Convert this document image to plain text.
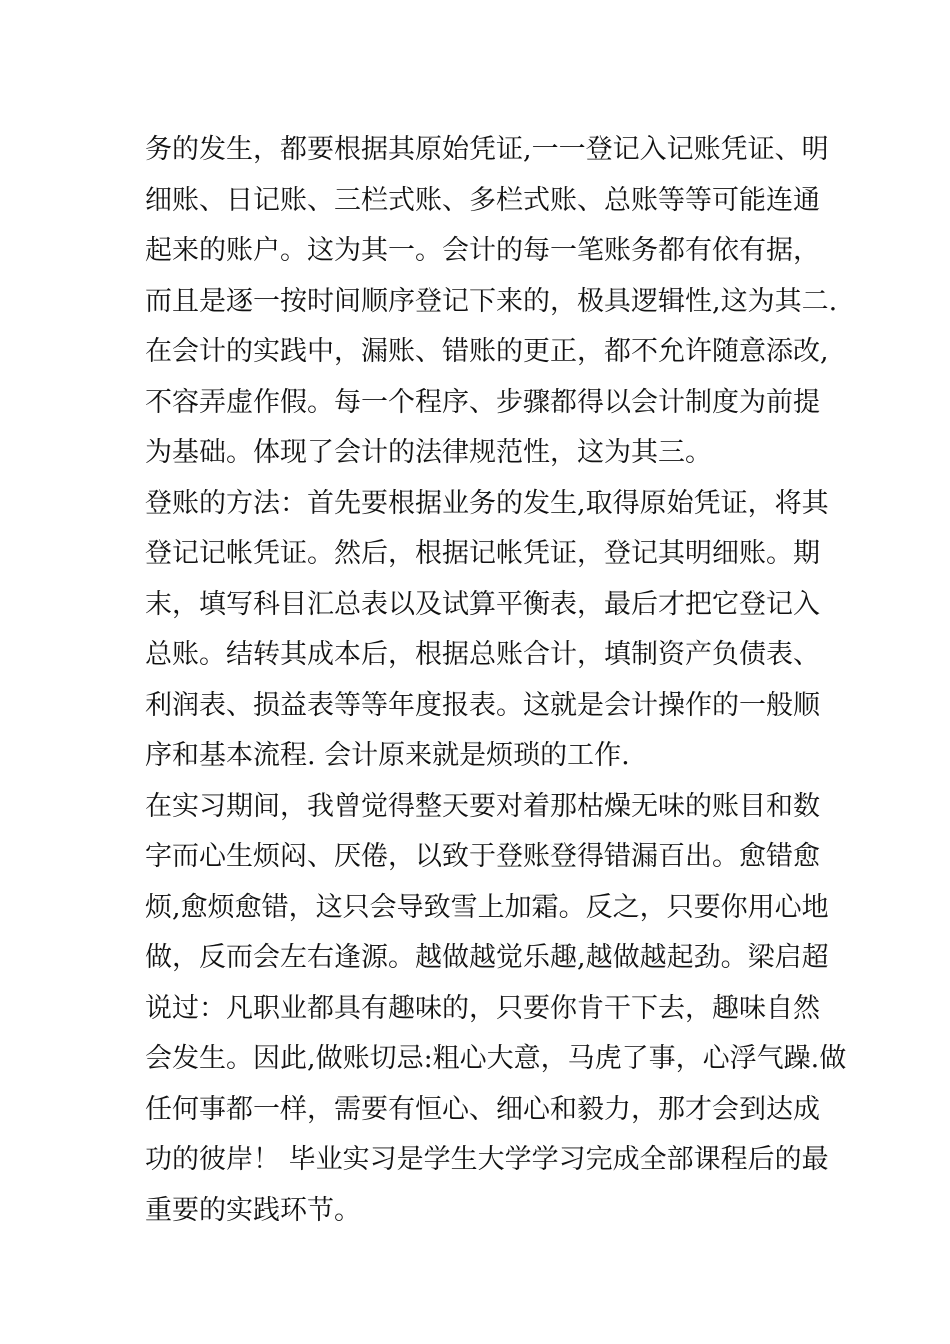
务的发生，都要根据其原始凭证,一一登记入记账凭证、明
细账、日记账、三栏式账、多栏式账、总账等等可能连通
起来的账户。这为其一。会计的每一笔账务都有依有据，
而且是逐一按时间顺序登记下来的，极具逻辑性,这为其二.
在会计的实践中，漏账、错账的更正，都不允许随意添改,
不容弄虚作假。每一个程序、步骤都得以会计制度为前提
为基础。体现了会计的法律规范性，这为其三。
登账的方法：首先要根据业务的发生,取得原始凭证，将其
登记记帐凭证。然后，根据记帐凭证，登记其明细账。期
末，填写科目汇总表以及试算平衡表，最后才把它登记入
总账。结转其成本后，根据总账合计，填制资产负债表、
利润表、损益表等等年度报表。这就是会计操作的一般顺
序和基本流程. 会计原来就是烦琐的工作.
在实习期间，我曾觉得整天要对着那枯燥无味的账目和数
字而心生烦闷、厌倦，以致于登账登得错漏百出。愈错愈
烦,愈烦愈错，这只会导致雪上加霜。反之，只要你用心地
做，反而会左右逢源。越做越觉乐趣,越做越起劲。梁启超
说过：凡职业都具有趣味的，只要你肯干下去，趣味自然
会发生。因此,做账切忌:粗心大意，马虎了事，心浮气躁.做
任何事都一样，需要有恒心、细心和毅力，那才会到达成
功的彼岸！ 毕业实习是学生大学学习完成全部课程后的最
重要的实践环节。
